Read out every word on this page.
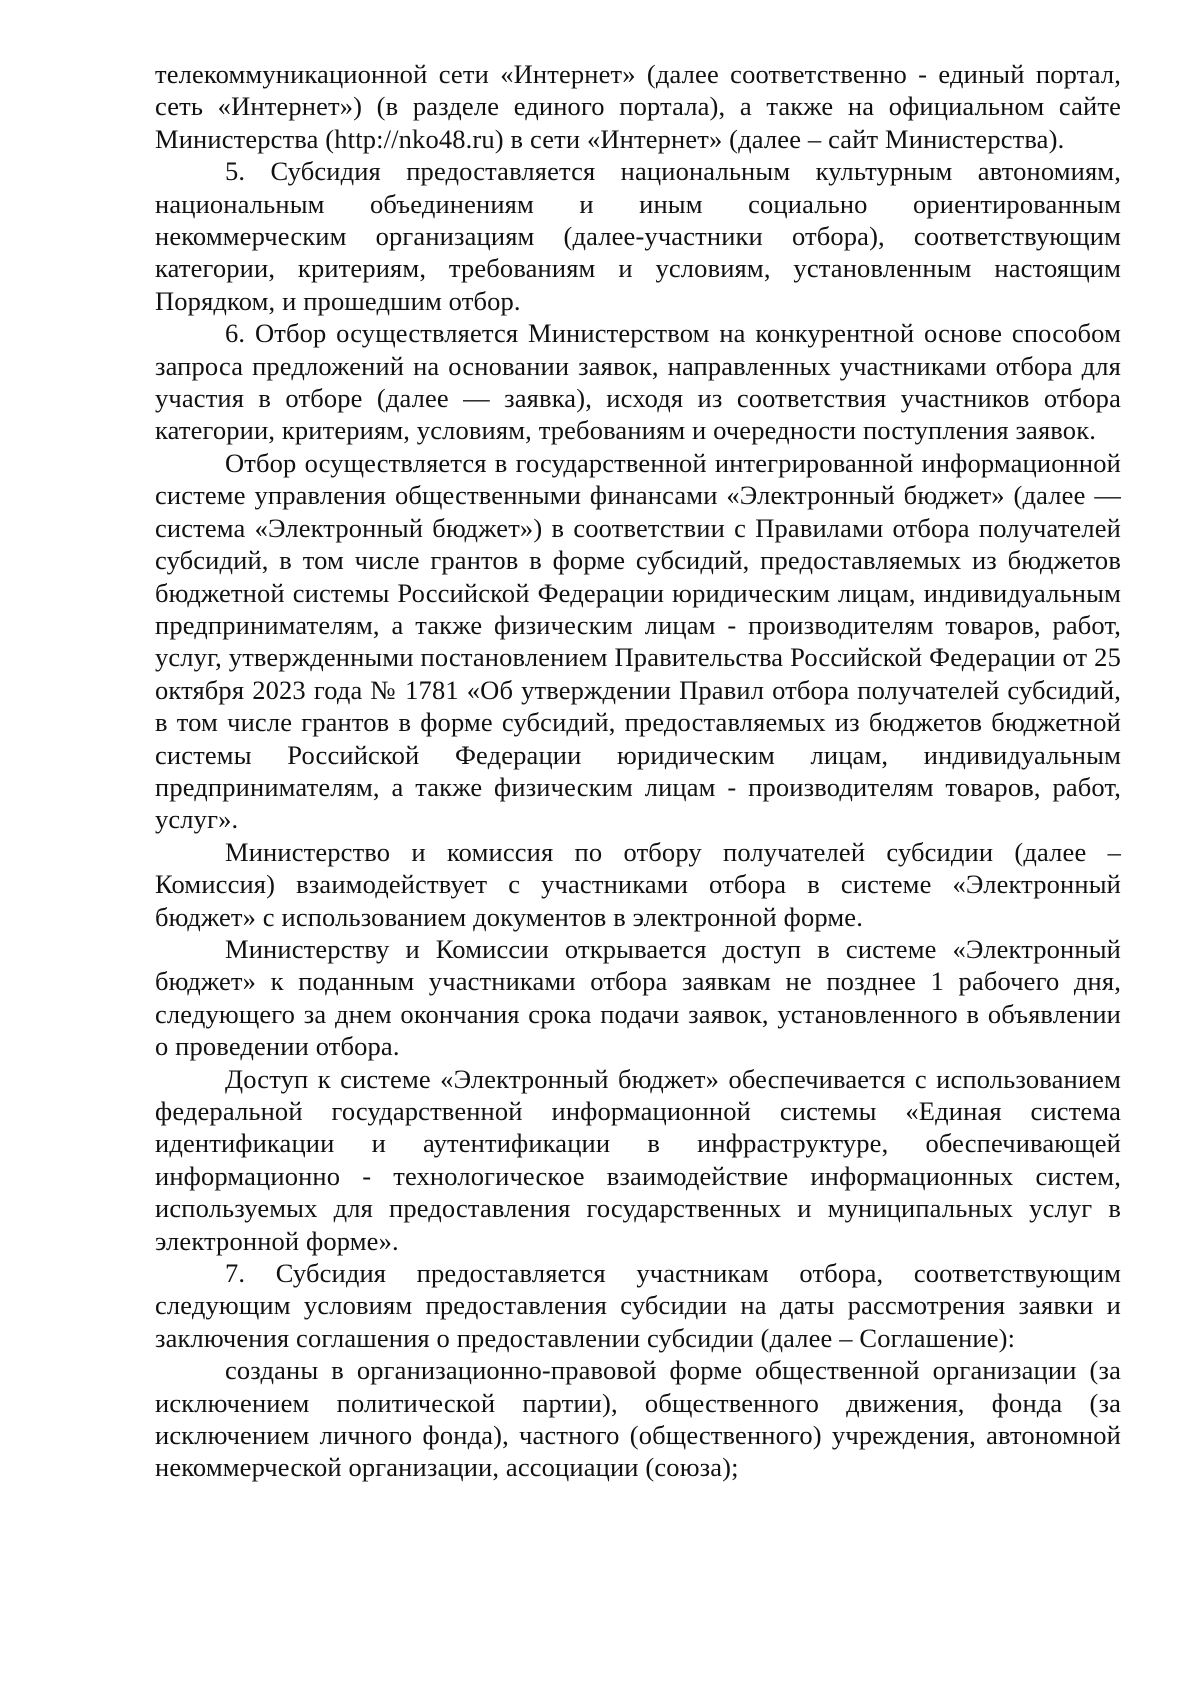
телекоммуникационной сети «Интернет» (далее соответственно - единый портал, сеть «Интернет») (в разделе единого портала), а также на официальном сайте Министерства (http://nko48.ru) в сети «Интернет» (далее – сайт Министерства).

5. Субсидия предоставляется национальным культурным автономиям, национальным объединениям и иным социально ориентированным некоммерческим организациям (далее-участники отбора), соответствующим категории, критериям, требованиям и условиям, установленным настоящим Порядком, и прошедшим отбор.

6. Отбор осуществляется Министерством на конкурентной основе способом запроса предложений на основании заявок, направленных участниками отбора для участия в отборе (далее — заявка), исходя из соответствия участников отбора категории, критериям, условиям, требованиям и очередности поступления заявок.

Отбор осуществляется в государственной интегрированной информационной системе управления общественными финансами «Электронный бюджет» (далее — система «Электронный бюджет») в соответствии с Правилами отбора получателей субсидий, в том числе грантов в форме субсидий, предоставляемых из бюджетов бюджетной системы Российской Федерации юридическим лицам, индивидуальным предпринимателям, а также физическим лицам - производителям товаров, работ, услуг, утвержденными постановлением Правительства Российской Федерации от 25 октября 2023 года № 1781 «Об утверждении Правил отбора получателей субсидий, в том числе грантов в форме субсидий, предоставляемых из бюджетов бюджетной системы Российской Федерации юридическим лицам, индивидуальным предпринимателям, а также физическим лицам - производителям товаров, работ, услуг».

Министерство и комиссия по отбору получателей субсидии (далее – Комиссия) взаимодействует с участниками отбора в системе «Электронный бюджет» с использованием документов в электронной форме.

Министерству и Комиссии открывается доступ в системе «Электронный бюджет» к поданным участниками отбора заявкам не позднее 1 рабочего дня, следующего за днем окончания срока подачи заявок, установленного в объявлении о проведении отбора.

Доступ к системе «Электронный бюджет» обеспечивается с использованием федеральной государственной информационной системы «Единая система идентификации и аутентификации в инфраструктуре, обеспечивающей информационно - технологическое взаимодействие информационных систем, используемых для предоставления государственных и муниципальных услуг в электронной форме».

7. Субсидия предоставляется участникам отбора, соответствующим следующим условиям предоставления субсидии на даты рассмотрения заявки и заключения соглашения о предоставлении субсидии (далее – Соглашение):

созданы в организационно-правовой форме общественной организации (за исключением политической партии), общественного движения, фонда (за исключением личного фонда), частного (общественного) учреждения, автономной некоммерческой организации, ассоциации (союза);
